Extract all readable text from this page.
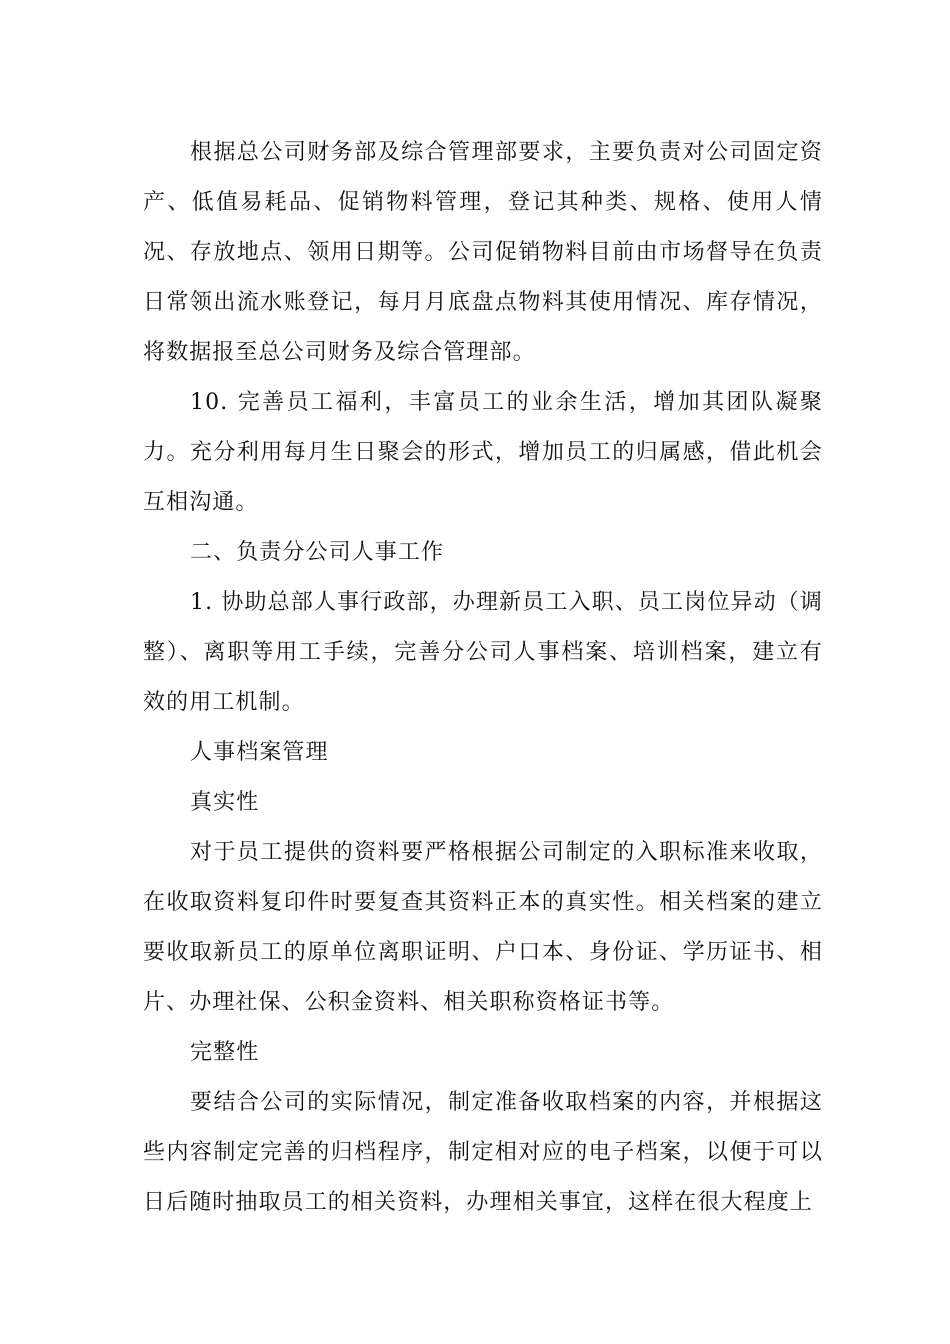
根据总公司财务部及综合管理部要求，主要负责对公司固定资产、低值易耗品、促销物料管理，登记其种类、规格、使用人情况、存放地点、领用日期等。公司促销物料目前由市场督导在负责日常领出流水账登记，每月月底盘点物料其使用情况、库存情况，将数据报至总公司财务及综合管理部。

10. 完善员工福利，丰富员工的业余生活，增加其团队凝聚力。充分利用每月生日聚会的形式，增加员工的归属感，借此机会互相沟通。

二、负责分公司人事工作

1. 协助总部人事行政部，办理新员工入职、员工岗位异动（调整）、离职等用工手续，完善分公司人事档案、培训档案，建立有效的用工机制。

人事档案管理

真实性

对于员工提供的资料要严格根据公司制定的入职标准来收取，在收取资料复印件时要复查其资料正本的真实性。相关档案的建立要收取新员工的原单位离职证明、户口本、身份证、学历证书、相片、办理社保、公积金资料、相关职称资格证书等。

完整性

要结合公司的实际情况，制定准备收取档案的内容，并根据这些内容制定完善的归档程序，制定相对应的电子档案，以便于可以日后随时抽取员工的相关资料，办理相关事宜，这样在很大程度上
